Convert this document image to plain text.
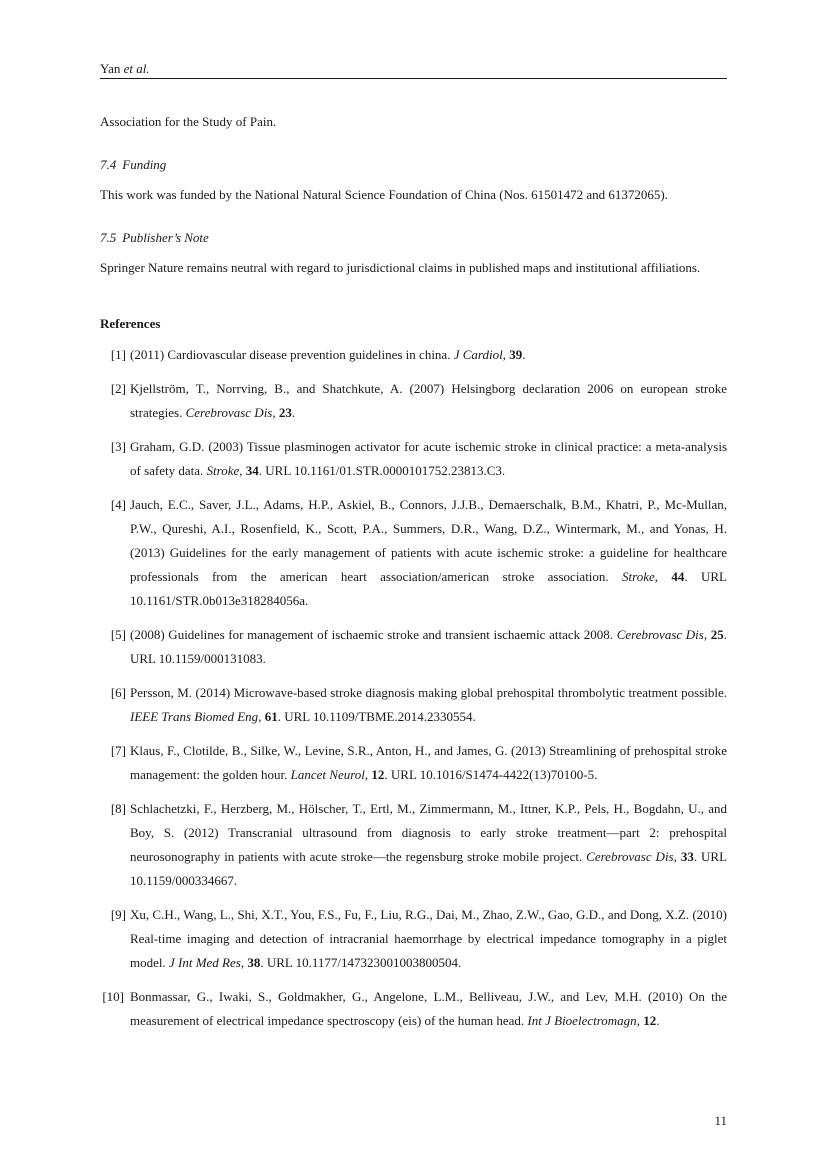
Yan et al.
Association for the Study of Pain.
7.4 Funding
This work was funded by the National Natural Science Foundation of China (Nos. 61501472 and 61372065).
7.5 Publisher’s Note
Springer Nature remains neutral with regard to jurisdictional claims in published maps and institutional affiliations.
References
[1] (2011) Cardiovascular disease prevention guidelines in china. J Cardiol, 39.
[2] Kjellström, T., Norrving, B., and Shatchkute, A. (2007) Helsingborg declaration 2006 on european stroke strategies. Cerebrovasc Dis, 23.
[3] Graham, G.D. (2003) Tissue plasminogen activator for acute ischemic stroke in clinical practice: a meta-analysis of safety data. Stroke, 34. URL 10.1161/01.STR.0000101752.23813.C3.
[4] Jauch, E.C., Saver, J.L., Adams, H.P., Askiel, B., Connors, J.J.B., Demaerschalk, B.M., Khatri, P., Mc-Mullan, P.W., Qureshi, A.I., Rosenfield, K., Scott, P.A., Summers, D.R., Wang, D.Z., Wintermark, M., and Yonas, H. (2013) Guidelines for the early management of patients with acute ischemic stroke: a guideline for healthcare professionals from the american heart association/american stroke association. Stroke, 44. URL 10.1161/STR.0b013e318284056a.
[5] (2008) Guidelines for management of ischaemic stroke and transient ischaemic attack 2008. Cerebrovasc Dis, 25. URL 10.1159/000131083.
[6] Persson, M. (2014) Microwave-based stroke diagnosis making global prehospital thrombolytic treatment possible. IEEE Trans Biomed Eng, 61. URL 10.1109/TBME.2014.2330554.
[7] Klaus, F., Clotilde, B., Silke, W., Levine, S.R., Anton, H., and James, G. (2013) Streamlining of prehospital stroke management: the golden hour. Lancet Neurol, 12. URL 10.1016/S1474-4422(13)70100-5.
[8] Schlachetzki, F., Herzberg, M., Hölscher, T., Ertl, M., Zimmermann, M., Ittner, K.P., Pels, H., Bogdahn, U., and Boy, S. (2012) Transcranial ultrasound from diagnosis to early stroke treatment—part 2: prehospital neurosonography in patients with acute stroke—the regensburg stroke mobile project. Cerebrovasc Dis, 33. URL 10.1159/000334667.
[9] Xu, C.H., Wang, L., Shi, X.T., You, F.S., Fu, F., Liu, R.G., Dai, M., Zhao, Z.W., Gao, G.D., and Dong, X.Z. (2010) Real-time imaging and detection of intracranial haemorrhage by electrical impedance tomography in a piglet model. J Int Med Res, 38. URL 10.1177/147323001003800504.
[10] Bonmassar, G., Iwaki, S., Goldmakher, G., Angelone, L.M., Belliveau, J.W., and Lev, M.H. (2010) On the measurement of electrical impedance spectroscopy (eis) of the human head. Int J Bioelectromagn, 12.
11
